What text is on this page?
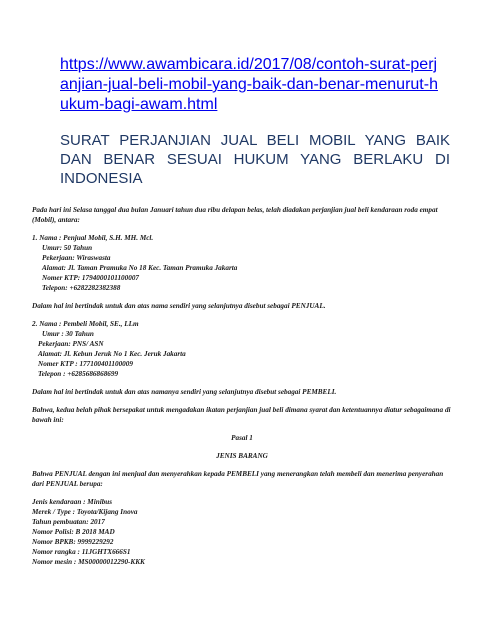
https://www.awambicara.id/2017/08/contoh-surat-perjanjian-jual-beli-mobil-yang-baik-dan-benar-menurut-hukum-bagi-awam.html
SURAT PERJANJIAN JUAL BELI MOBIL YANG BAIK DAN BENAR SESUAI HUKUM YANG BERLAKU DI INDONESIA

Pada hari ini Selasa tanggal dua bulan Januari tahun dua ribu delapan belas, telah diadakan perjanjian jual beli kendaraan roda empat (Mobil), antara:

1. Nama : Penjual Mobil, S.H. MH. Mcl.

Umur: 50 Tahun

Pekerjaan: Wiraswasta

Alamat: Jl. Taman Pramuka No 18 Kec. Taman Pramuka Jakarta

Nomer KTP: 1794000101100007

Telepon: +6282282382388

Dalam hal ini bertindak untuk dan atas nama sendiri yang selanjutnya disebut sebagai PENJUAL.

2. Nama : Pembeli Mobil, SE., LLm

Umur : 30 Tahun

Pekerjaan: PNS/ ASN

Alamat: Jl. Kebun Jeruk No 1 Kec. Jeruk Jakarta

Nomer KTP : 177100401100009

Telepon : +6285686868699

Dalam hal ini bertindak untuk dan atas namanya sendiri yang selanjutnya disebut sebagai PEMBELI.

Bahwa, kedua belah pihak bersepakat untuk mengadakan ikatan perjanjian jual beli dimana syarat dan ketentuannya diatur sebagaimana di bawah ini:

Pasal 1

JENIS BARANG

Bahwa PENJUAL dengan ini menjual dan menyerahkan kepada PEMBELI yang menerangkan telah membeli dan menerima penyerahan dari PENJUAL berupa:

Jenis kendaraan : Minibus

Merek / Type : Toyota/Kijang Inova

Tahun pembuatan: 2017

Nomor Polisi: B 2018 MAD

Nomor BPKB: 9999229292

Nomor rangka : 11JGHTX666S1

Nomor mesin : MS00000012290-KKK
